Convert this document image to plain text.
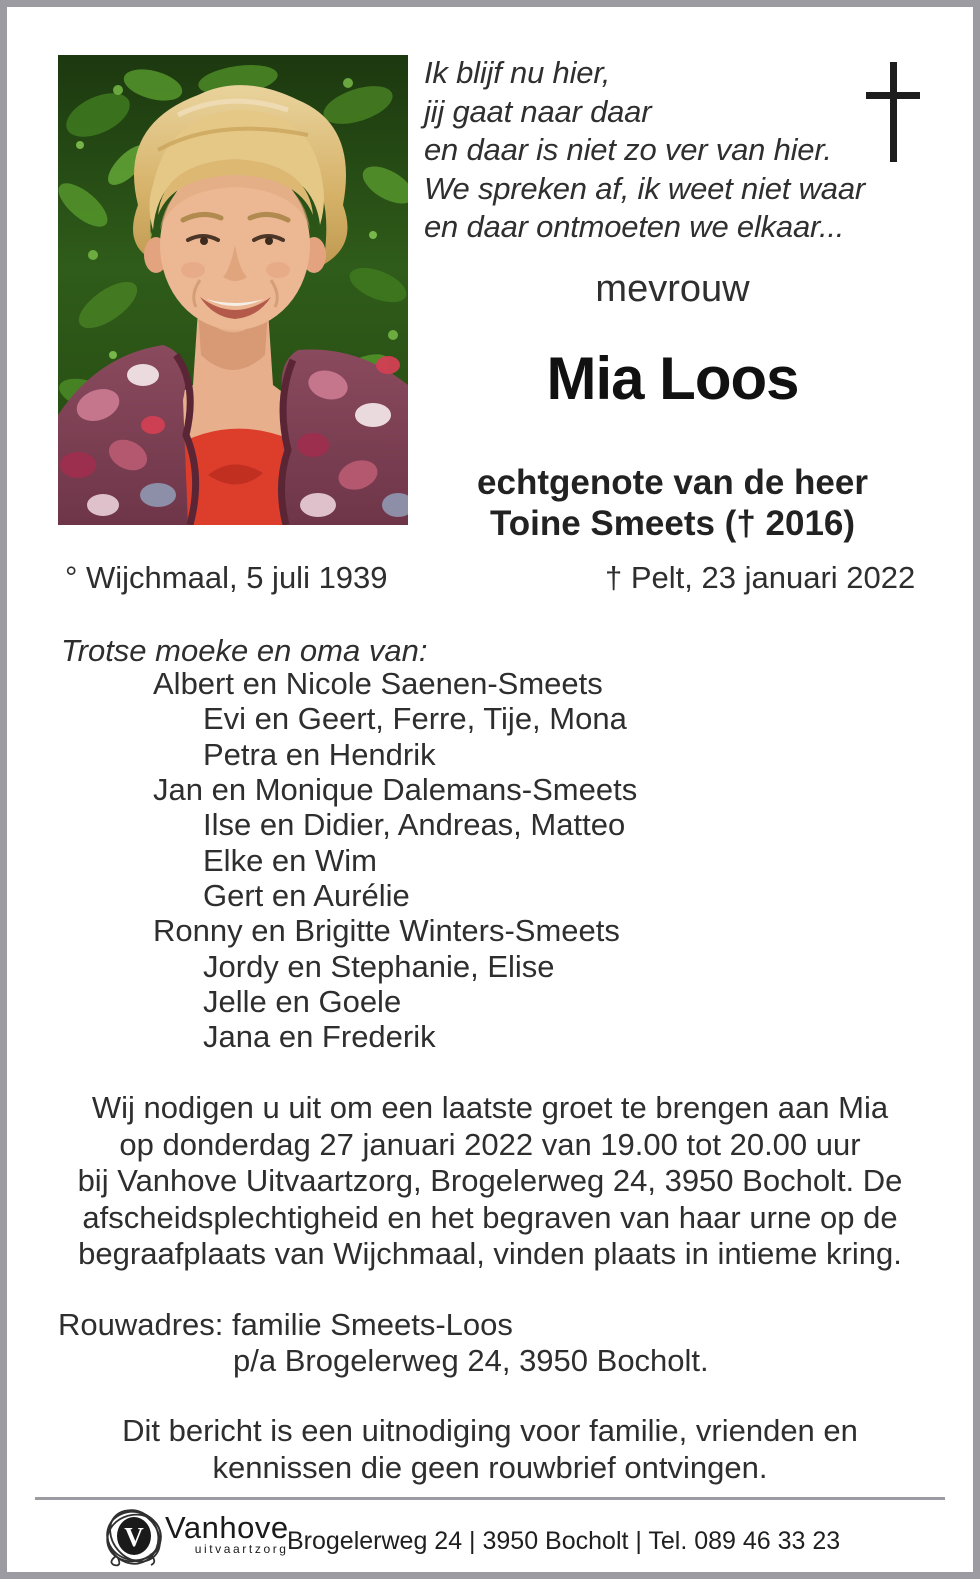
Ik blijf nu hier,
jij gaat naar daar
en daar is niet zo ver van hier.
We spreken af, ik weet niet waar
en daar ontmoeten we elkaar...
mevrouw
Mia Loos
echtgenote van de heer
Toine Smeets († 2016)
° Wijchmaal, 5 juli 1939	† Pelt, 23 januari 2022
Trotse moeke en oma van:
Albert en Nicole Saenen-Smeets
Evi en Geert, Ferre, Tije, Mona
Petra en Hendrik
Jan en Monique Dalemans-Smeets
Ilse en Didier, Andreas, Matteo
Elke en Wim
Gert en Aurélie
Ronny en Brigitte Winters-Smeets
Jordy en Stephanie, Elise
Jelle en Goele
Jana en Frederik
Wij nodigen u uit om een laatste groet te brengen aan Mia
op donderdag 27 januari 2022 van 19.00 tot 20.00 uur
bij Vanhove Uitvaartzorg, Brogelerweg 24, 3950 Bocholt. De
afscheidsplechtigheid en het begraven van haar urne op de
begraafplaats van Wijchmaal, vinden plaats in intieme kring.
Rouwadres: familie Smeets-Loos
p/a Brogelerweg 24, 3950 Bocholt.
Dit bericht is een uitnodiging voor familie, vrienden en
kennissen die geen rouwbrief ontvingen.
V Vanhove
uitvaartzorg
Brogelerweg 24 | 3950 Bocholt | Tel. 089 46 33 23
